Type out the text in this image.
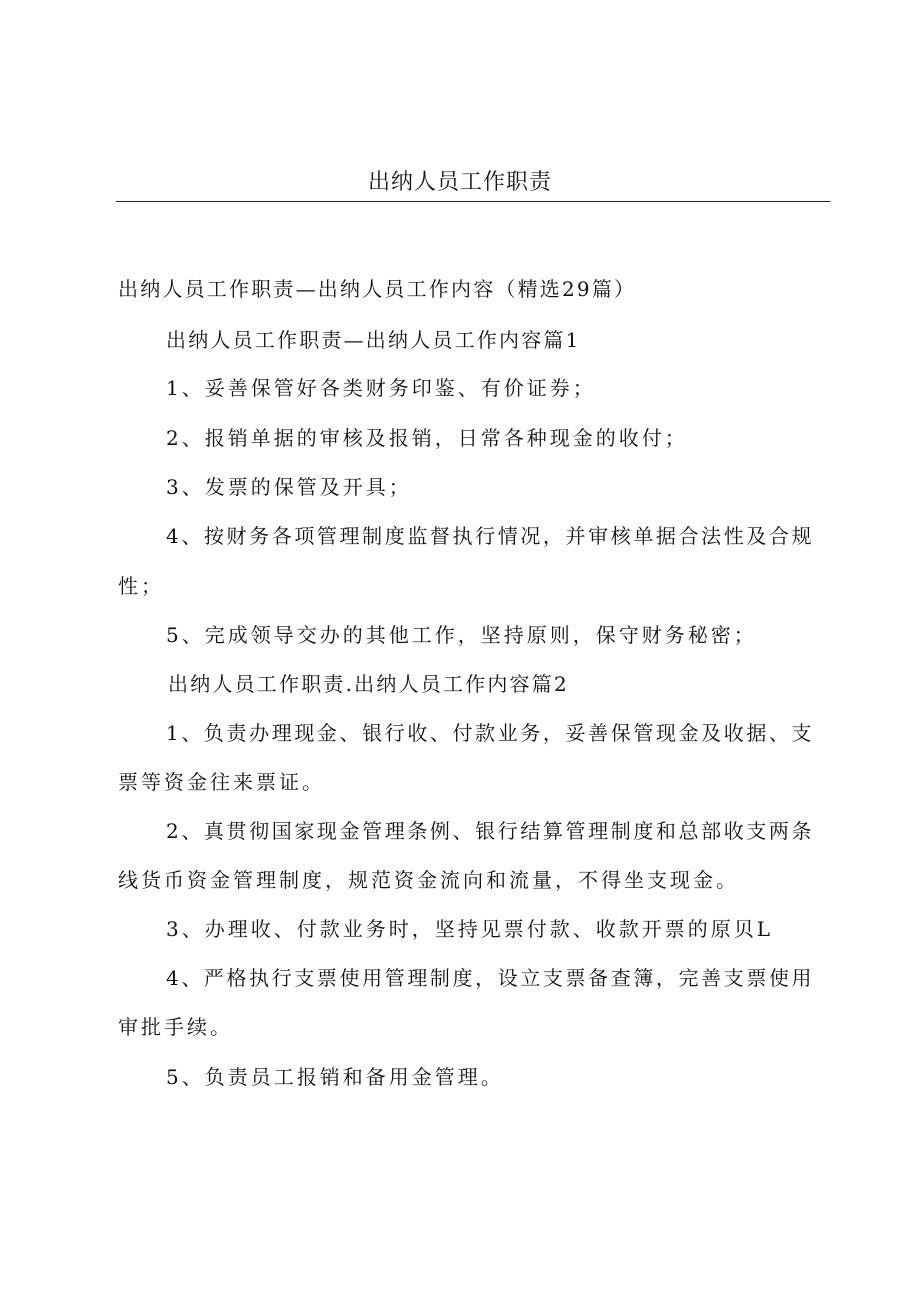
出纳人员工作职责
出纳人员工作职责—出纳人员工作内容（精选29篇）
出纳人员工作职责—出纳人员工作内容篇1
1、妥善保管好各类财务印鉴、有价证券；
2、报销单据的审核及报销，日常各种现金的收付；
3、发票的保管及开具；
4、按财务各项管理制度监督执行情况，并审核单据合法性及合规
性；
5、完成领导交办的其他工作，坚持原则，保守财务秘密；
出纳人员工作职责.出纳人员工作内容篇2
1、负责办理现金、银行收、付款业务，妥善保管现金及收据、支
票等资金往来票证。
2、真贯彻国家现金管理条例、银行结算管理制度和总部收支两条
线货币资金管理制度，规范资金流向和流量，不得坐支现金。
3、办理收、付款业务时，坚持见票付款、收款开票的原贝L
4、严格执行支票使用管理制度，设立支票备查簿，完善支票使用
审批手续。
5、负责员工报销和备用金管理。
